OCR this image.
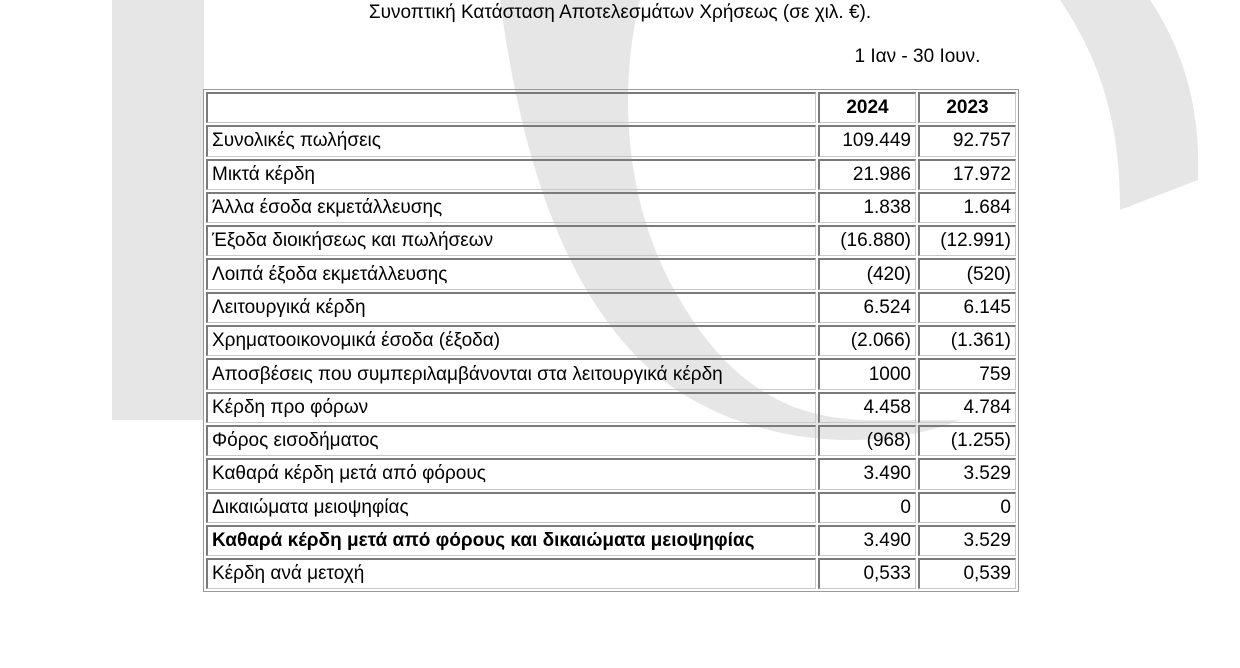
Συνοπτική Κατάσταση Αποτελεσμάτων Χρήσεως (σε χιλ. €).
1 Ιαν - 30 Ιουν.
	2024	2023
Συνολικές πωλήσεις	109.449	92.757
Μικτά κέρδη	21.986	17.972
Άλλα έσοδα εκμετάλλευσης	1.838	1.684
Έξοδα διοικήσεως και πωλήσεων	(16.880)	(12.991)
Λοιπά έξοδα εκμετάλλευσης	(420)	(520)
Λειτουργικά κέρδη	6.524	6.145
Χρηματοοικονομικά έσοδα (έξοδα)	(2.066)	(1.361)
Αποσβέσεις που συμπεριλαμβάνονται στα λειτουργικά κέρδη	1000	759
Κέρδη προ φόρων	4.458	4.784
Φόρος εισοδήματος	(968)	(1.255)
Καθαρά κέρδη μετά από φόρους	3.490	3.529
Δικαιώματα μειοψηφίας	0	0
Καθαρά κέρδη μετά από φόρους και δικαιώματα μειοψηφίας	3.490	3.529
Κέρδη ανά μετοχή	0,533	0,539
